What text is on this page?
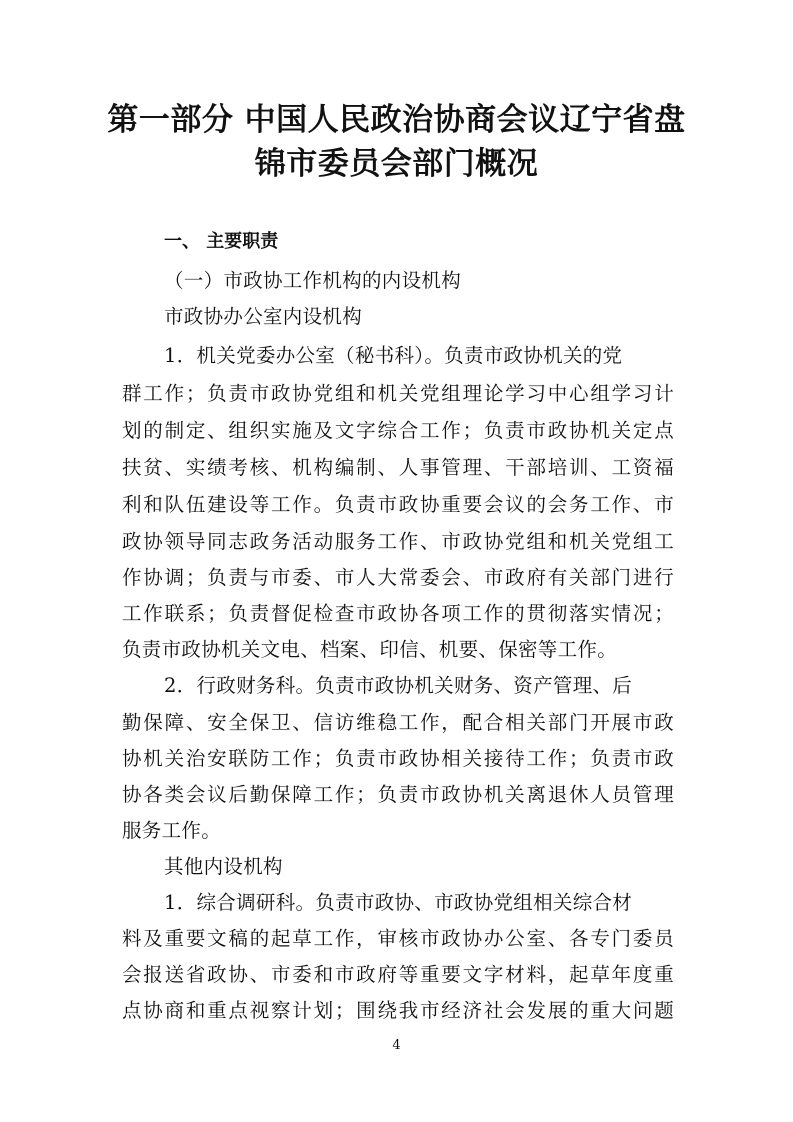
第一部分 中国人民政治协商会议辽宁省盘
锦市委员会部门概况
一、 主要职责
（一）市政协工作机构的内设机构
市政协办公室内设机构
1．机关党委办公室（秘书科）。负责市政协机关的党
群工作；负责市政协党组和机关党组理论学习中心组学习计
划的制定、组织实施及文字综合工作；负责市政协机关定点
扶贫、实绩考核、机构编制、人事管理、干部培训、工资福
利和队伍建设等工作。负责市政协重要会议的会务工作、市
政协领导同志政务活动服务工作、市政协党组和机关党组工
作协调；负责与市委、市人大常委会、市政府有关部门进行
工作联系；负责督促检查市政协各项工作的贯彻落实情况；
负责市政协机关文电、档案、印信、机要、保密等工作。
2．行政财务科。负责市政协机关财务、资产管理、后
勤保障、安全保卫、信访维稳工作，配合相关部门开展市政
协机关治安联防工作；负责市政协相关接待工作；负责市政
协各类会议后勤保障工作；负责市政协机关离退休人员管理
服务工作。
其他内设机构
1．综合调研科。负责市政协、市政协党组相关综合材
料及重要文稿的起草工作，审核市政协办公室、各专门委员
会报送省政协、市委和市政府等重要文字材料，起草年度重
点协商和重点视察计划；围绕我市经济社会发展的重大问题
4
